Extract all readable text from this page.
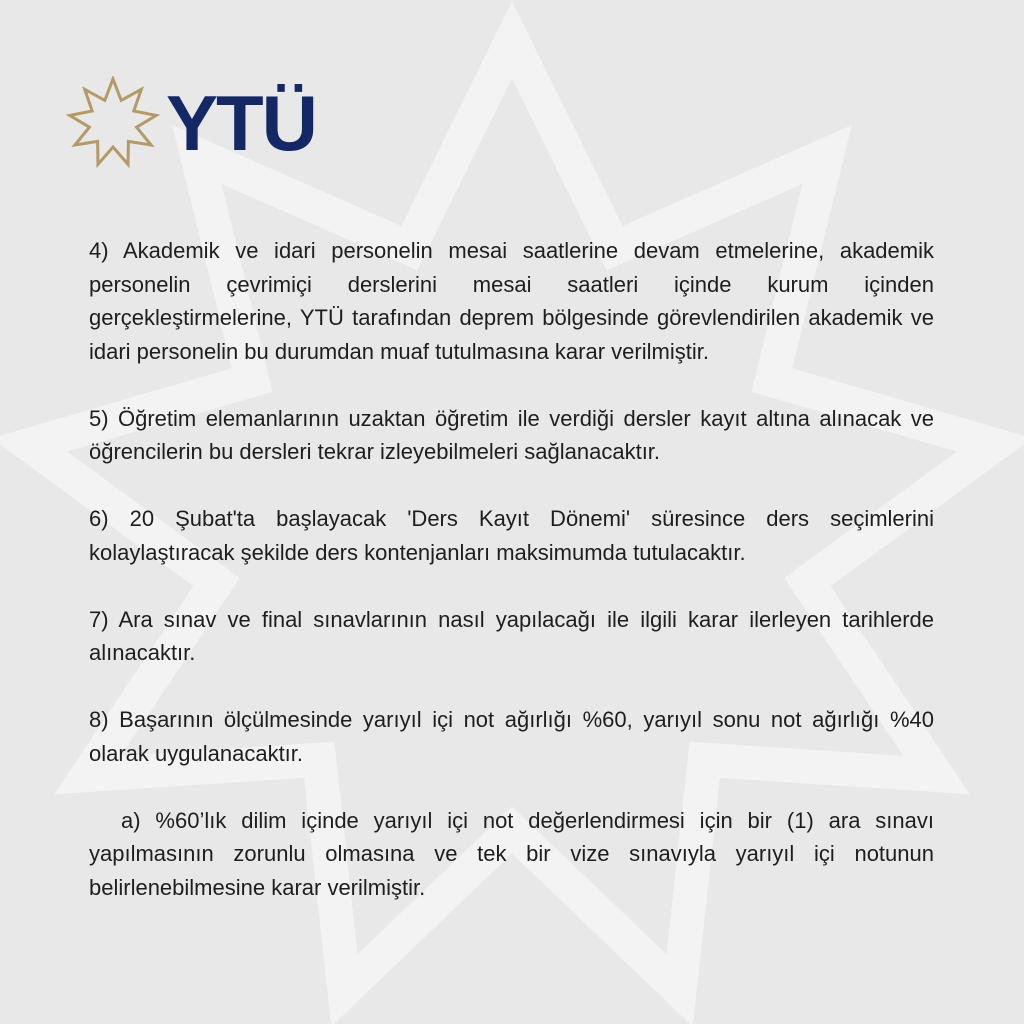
YTÜ

4) Akademik ve idari personelin mesai saatlerine devam etmelerine, akademik personelin çevrimiçi derslerini mesai saatleri içinde kurum içinden gerçekleştirmelerine, YTÜ tarafından deprem bölgesinde görevlendirilen akademik ve idari personelin bu durumdan muaf tutulmasına karar verilmiştir.

5) Öğretim elemanlarının uzaktan öğretim ile verdiği dersler kayıt altına alınacak ve öğrencilerin bu dersleri tekrar izleyebilmeleri sağlanacaktır.

6) 20 Şubat'ta başlayacak 'Ders Kayıt Dönemi' süresince ders seçimlerini kolaylaştıracak şekilde ders kontenjanları maksimumda tutulacaktır.

7) Ara sınav ve final sınavlarının nasıl yapılacağı ile ilgili karar ilerleyen tarihlerde alınacaktır.

8) Başarının ölçülmesinde yarıyıl içi not ağırlığı %60, yarıyıl sonu not ağırlığı %40 olarak uygulanacaktır.

a) %60’lık dilim içinde yarıyıl içi not değerlendirmesi için bir (1) ara sınavı yapılmasının zorunlu olmasına ve tek bir vize sınavıyla yarıyıl içi notunun belirlenebilmesine karar verilmiştir.
